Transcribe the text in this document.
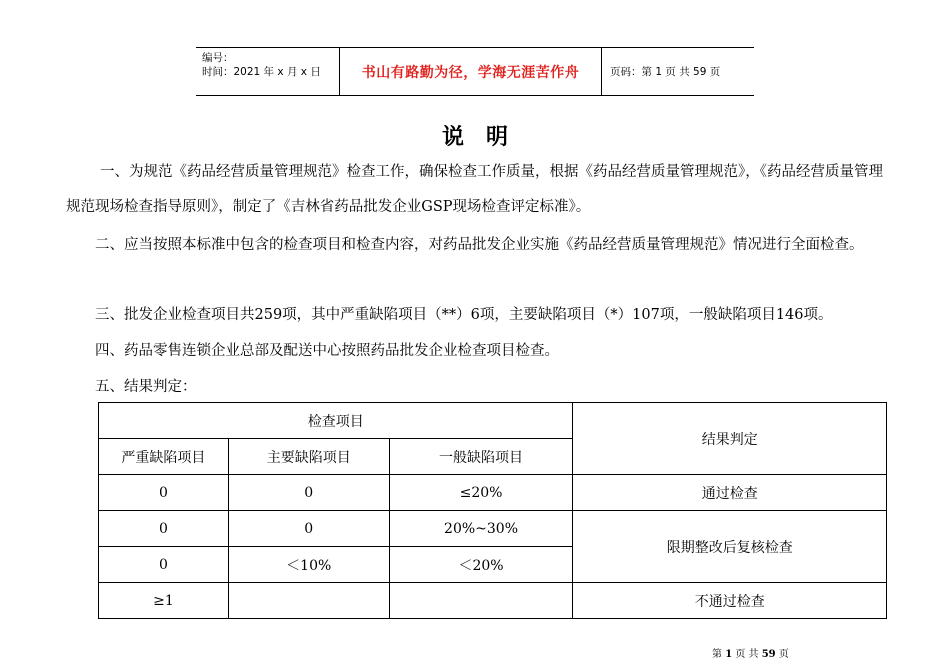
编号：
时间：2021 年 x 月 x 日	书山有路勤为径，学海无涯苦作舟	页码：第 1 页 共 59 页
说明

一、为规范《药品经营质量管理规范》检查工作，确保检查工作质量，根据《药品经营质量管理规范》，《药品经营质量管理规范现场检查指导原则》，制定了《吉林省药品批发企业GSP现场检查评定标准》。

二、应当按照本标准中包含的检查项目和检查内容，对药品批发企业实施《药品经营质量管理规范》情况进行全面检查。

三、批发企业检查项目共259项，其中严重缺陷项目（**）6项，主要缺陷项目（*）107项，一般缺陷项目146项。

四、药品零售连锁企业总部及配送中心按照药品批发企业检查项目检查。

五、结果判定：

检查项目			结果判定
严重缺陷项目	主要缺陷项目	一般缺陷项目	
0	0	≤20%	通过检查
0	0	20%~30%	限期整改后复核检查
0	＜10%	＜20%	
≥1			不通过检查
第 1 页 共 59 页
